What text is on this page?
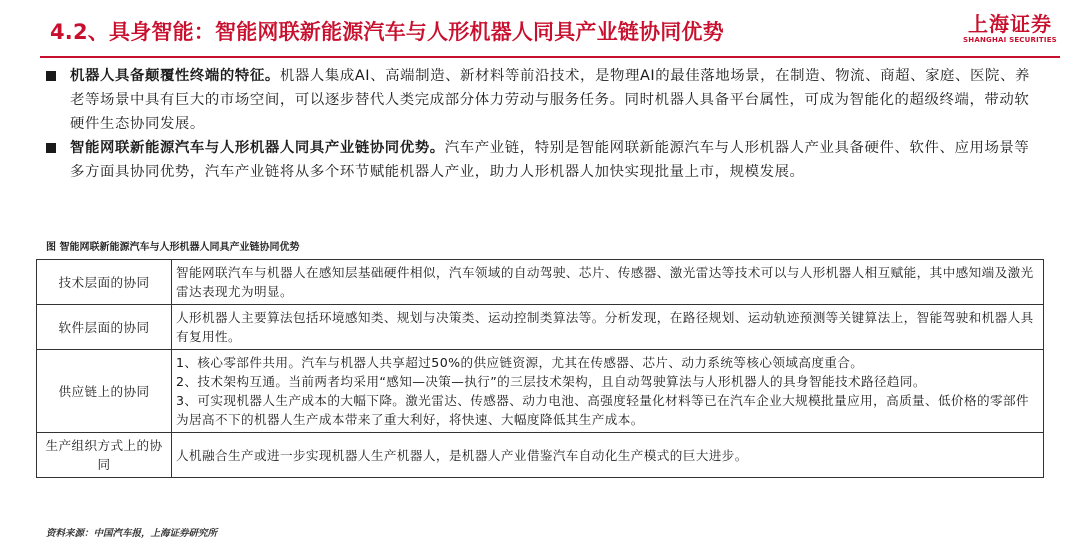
4.2、具身智能：智能网联新能源汽车与人形机器人同具产业链协同优势	上海证券
SHANGHAI SECURITIES
机器人具备颠覆性终端的特征。机器人集成AI、高端制造、新材料等前沿技术，是物理AI的最佳落地场景，在制造、物流、商超、家庭、医院、养老等场景中具有巨大的市场空间，可以逐步替代人类完成部分体力劳动与服务任务。同时机器人具备平台属性，可成为智能化的超级终端，带动软硬件生态协同发展。
智能网联新能源汽车与人形机器人同具产业链协同优势。汽车产业链，特别是智能网联新能源汽车与人形机器人产业具备硬件、软件、应用场景等多方面具协同优势，汽车产业链将从多个环节赋能机器人产业，助力人形机器人加快实现批量上市，规模发展。
图 智能网联新能源汽车与人形机器人同具产业链协同优势
技术层面的协同	智能网联汽车与机器人在感知层基础硬件相似，汽车领域的自动驾驶、芯片、传感器、激光雷达等技术可以与人形机器人相互赋能，其中感知端及激光雷达表现尤为明显。

软件层面的协同	人形机器人主要算法包括环境感知类、规划与决策类、运动控制类算法等。分析发现，在路径规划、运动轨迹预测等关键算法上，智能驾驶和机器人具有复用性。

供应链上的协同	1、核心零部件共用。汽车与机器人共享超过50%的供应链资源，尤其在传感器、芯片、动力系统等核心领域高度重合。
2、技术架构互通。当前两者均采用“感知—决策—执行”的三层技术架构，且自动驾驶算法与人形机器人的具身智能技术路径趋同。
3、可实现机器人生产成本的大幅下降。激光雷达、传感器、动力电池、高强度轻量化材料等已在汽车企业大规模批量应用，高质量、低价格的零部件为居高不下的机器人生产成本带来了重大利好，将快速、大幅度降低其生产成本。

生产组织方式上的协同	人机融合生产或进一步实现机器人生产机器人，是机器人产业借鉴汽车自动化生产模式的巨大进步。
资料来源：中国汽车报，上海证券研究所
